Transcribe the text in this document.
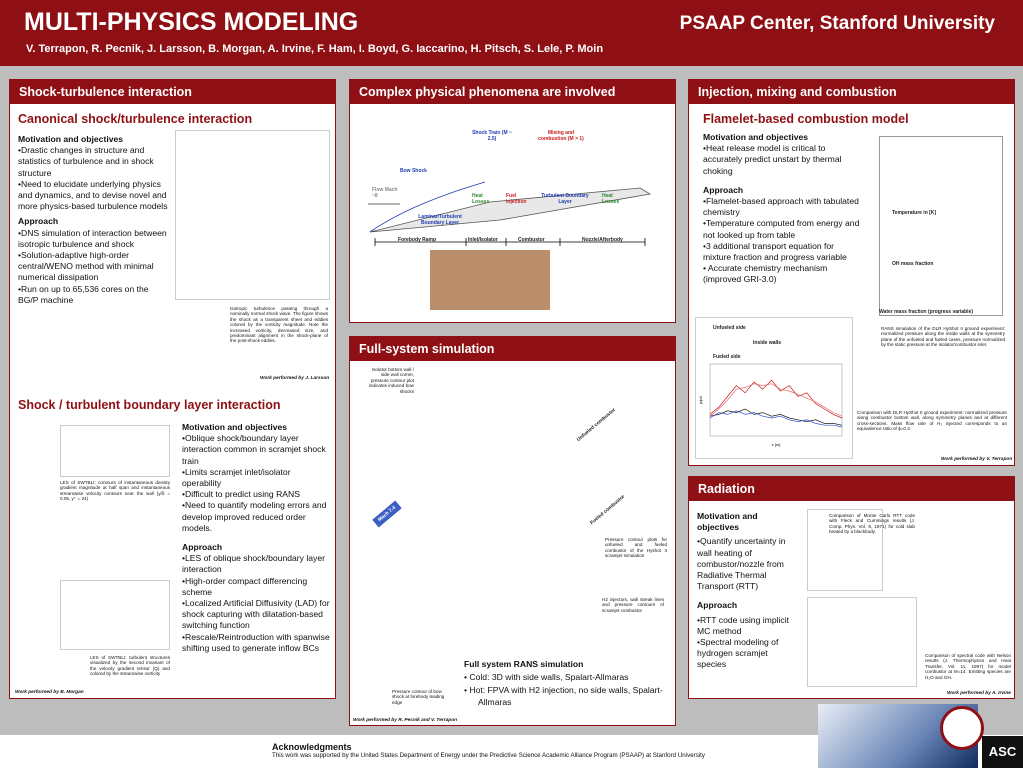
MULTI-PHYSICS MODELING	PSAAP Center, Stanford University
V. Terrapon, R. Pecnik, J. Larsson, B. Morgan, A. Irvine, F. Ham, I. Boyd, G. Iaccarino, H. Pitsch, S. Lele, P. Moin
Shock-turbulence interaction
Canonical shock/turbulence interaction
Motivation and objectives

•Drastic changes in structure and statistics of turbulence and in shock structure

•Need to elucidate underlying physics and dynamics, and to devise novel and more physics-based turbulence models

Approach

•DNS simulation of interaction between isotropic turbulence and shock

•Solution-adaptive high-order central/WENO method with minimal numerical dissipation

•Run on up to 65,536 cores on the BG/P machine

Isotropic turbulence passing through a nominally normal shock wave. The figure shows the shock as a transparent sheet and eddies colored by the vorticity magnitude. Note the increased vorticity, decreased size, and predominant alignment in the shock-plane of the post-shock eddies.
Work performed by J. Larsson
Shock / turbulent boundary layer interaction
LES of SWTBLI: contours of instantaneous density gradient magnitude at half span and instantaneous streamwise velocity contours near the wall (y/δ = 0.05, y⁺ = 24)
LES of SWTBLI: turbulent structures visualized by the second invariant of the velocity gradient tensor (Q) and colored by the streamwise vorticity
Motivation and objectives

•Oblique shock/boundary layer interaction common in scramjet shock train

•Limits scramjet inlet/isolator operability

•Difficult to predict using RANS

•Need to quantify modeling errors and develop improved reduced order models.

Approach

•LES of oblique shock/boundary layer interaction

•High-order compact differencing scheme

•Localized Artificial Diffusivity (LAD) for shock capturing with dilatation-based switching function

•Rescale/Reintroduction with spanwise shifting used to generate inflow BCs

Work performed by B. Morgan
Complex physical phenomena are involved
Shock Train (M ~ 2.5)
Mixing and combustion (M > 1)
Bow Shock
Flow Mach ~8	Heat Losses
Fuel Injection
Turbulent Boundary Layer
Heat Losses
Laminar/Turbulent Boundary Layer
Forebody Ramp	Inlet/Isolator	Combustor	Nozzle/Afterbody
Full-system simulation
Isolator bottom wall / side wall corner, pressure contour plot indicates induced bow shocks
Unfueled combustor
Fueled combustor
Mach 7.4
Pressure contour plots for unfueled and fueled combustor of the Hyshot II scramjet simulation
H2 injectors, wall streak lines and pressure contours of scramjet combustor
Full system RANS simulation

• Cold: 3D with side walls, Spalart-Allmaras

• Hot: FPVA with H2 injection, no side walls, Spalart-Allmaras

Pressure contour of bow shock at forebody leading edge
Work performed by R. Pecnik and V. Terrapon
Injection, mixing and combustion
Flamelet-based combustion model
Motivation and objectives

•Heat release model is critical to accurately predict unstart by thermal choking

Approach

•Flamelet-based approach with tabulated chemistry

•Temperature computed from energy and not looked up from table

•3 additional transport equation for mixture fraction and progress variable

• Accurate chemistry mechanism (improved GRI-3.0)

Temperature in [K]
OH mass fraction
Water mass fraction (progress variable)
RANS simulation of the DLR HyShot II ground experiment: normalized pressure along the inside walls at the symmetry plane of the unfueled and fueled cases, pressure normalized by the static pressure at the isolator/combustor inlet.
x [m]
p/p0
Unfueled side
Inside walls
Fueled side
Comparison with DLR HyShot II ground experiment: normalized pressure along combustor bottom wall, along symmetry planes and at different cross-sections. Mass flow rate of H₂ injected corresponds to an equivalence ratio of ϕ=0.3.
Work performed by V. Terrapon
Radiation
Motivation and objectives

•Quantify uncertainty in wall heating of combustor/nozzle from Radiative Thermal Transport (RTT)

Approach

•RTT code using implicit MC method

•Spectral modeling of hydrogen scramjet species

Comparison of Monte Carlo RTT code with Fleck and Cummings results (J. Comp. Phys. Vol. 8, 1971) for cold slab heated by a blackbody.
Comparison of spectral code with Nelson results (J. Thermophysics and Heat Transfer, Vol. 11, 1997) for model combustor at M=14. Emitting species are H₂O and OH.
Work performed by A. Irvine
Acknowledgments
This work was supported by the United States Department of Energy under the Predictive Science Academic Alliance Program (PSAAP) at Stanford University	ASC
